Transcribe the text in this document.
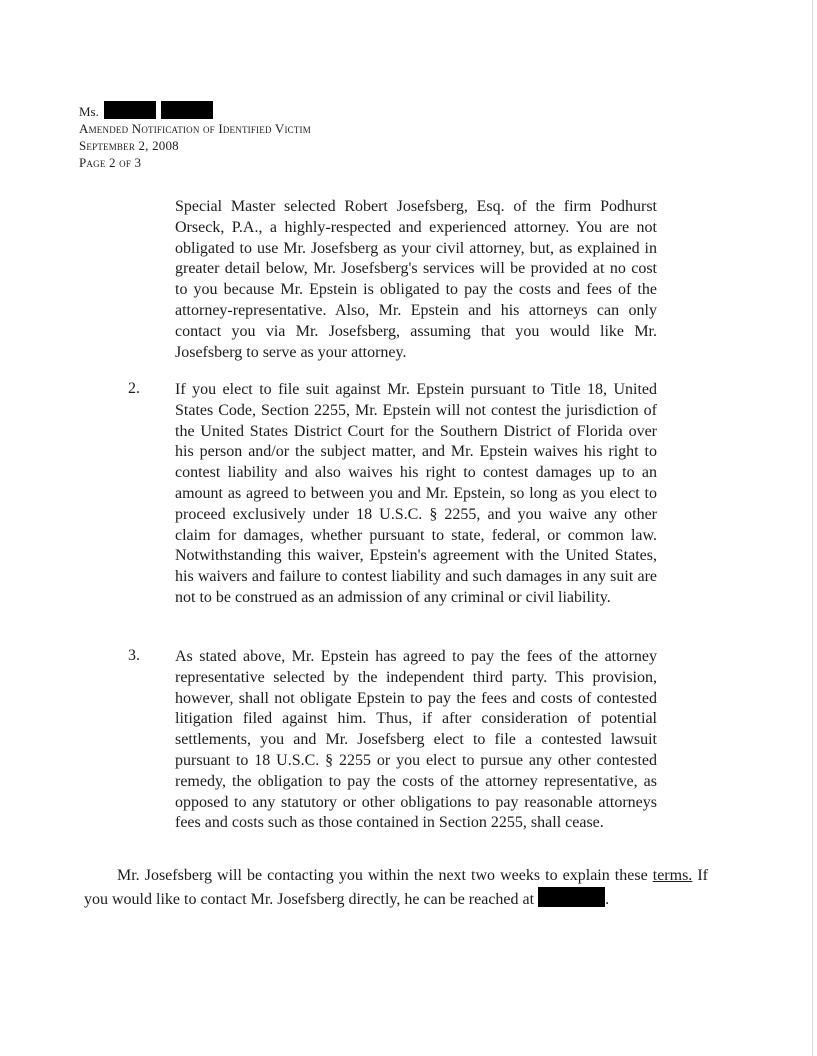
Ms.
Amended Notification of Identified Victim
September 2, 2008
Page 2 of 3
Special Master selected Robert Josefsberg, Esq. of the firm Podhurst Orseck, P.A., a highly-respected and experienced attorney. You are not obligated to use Mr. Josefsberg as your civil attorney, but, as explained in greater detail below, Mr. Josefsberg's services will be provided at no cost to you because Mr. Epstein is obligated to pay the costs and fees of the attorney-representative. Also, Mr. Epstein and his attorneys can only contact you via Mr. Josefsberg, assuming that you would like Mr. Josefsberg to serve as your attorney.
2. If you elect to file suit against Mr. Epstein pursuant to Title 18, United States Code, Section 2255, Mr. Epstein will not contest the jurisdiction of the United States District Court for the Southern District of Florida over his person and/or the subject matter, and Mr. Epstein waives his right to contest liability and also waives his right to contest damages up to an amount as agreed to between you and Mr. Epstein, so long as you elect to proceed exclusively under 18 U.S.C. § 2255, and you waive any other claim for damages, whether pursuant to state, federal, or common law. Notwithstanding this waiver, Epstein's agreement with the United States, his waivers and failure to contest liability and such damages in any suit are not to be construed as an admission of any criminal or civil liability.
3. As stated above, Mr. Epstein has agreed to pay the fees of the attorney representative selected by the independent third party. This provision, however, shall not obligate Epstein to pay the fees and costs of contested litigation filed against him. Thus, if after consideration of potential settlements, you and Mr. Josefsberg elect to file a contested lawsuit pursuant to 18 U.S.C. § 2255 or you elect to pursue any other contested remedy, the obligation to pay the costs of the attorney representative, as opposed to any statutory or other obligations to pay reasonable attorneys fees and costs such as those contained in Section 2255, shall cease.
Mr. Josefsberg will be contacting you within the next two weeks to explain these terms. If you would like to contact Mr. Josefsberg directly, he can be reached at	.
